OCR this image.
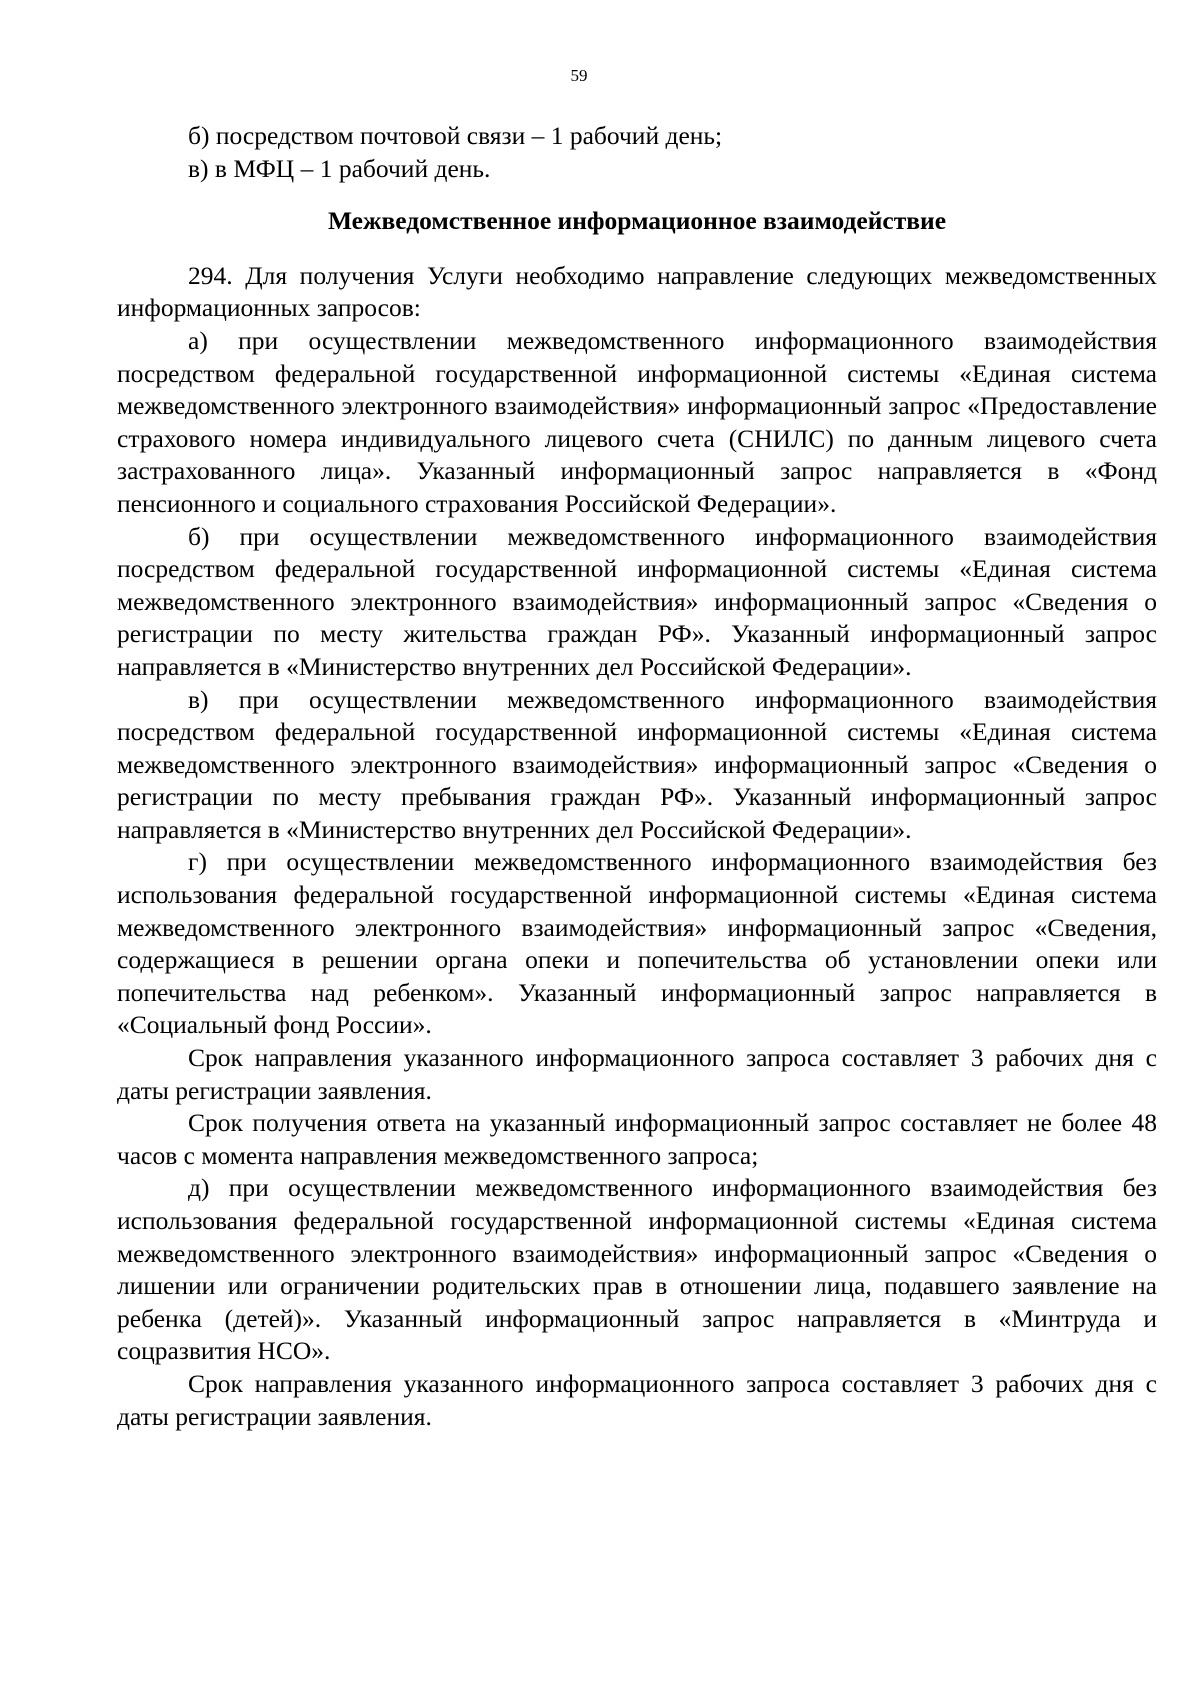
59

б) посредством почтовой связи – 1 рабочий день;

в) в МФЦ – 1 рабочий день.

Межведомственное информационное взаимодействие

294. Для получения Услуги необходимо направление следующих межведомственных информационных запросов:

а) при осуществлении межведомственного информационного взаимодействия посредством федеральной государственной информационной системы «Единая система межведомственного электронного взаимодействия» информационный запрос «Предоставление страхового номера индивидуального лицевого счета (СНИЛС) по данным лицевого счета застрахованного лица». Указанный информационный запрос направляется в «Фонд пенсионного и социального страхования Российской Федерации».

б) при осуществлении межведомственного информационного взаимодействия посредством федеральной государственной информационной системы «Единая система межведомственного электронного взаимодействия» информационный запрос «Сведения о регистрации по месту жительства граждан РФ». Указанный информационный запрос направляется в «Министерство внутренних дел Российской Федерации».

в) при осуществлении межведомственного информационного взаимодействия посредством федеральной государственной информационной системы «Единая система межведомственного электронного взаимодействия» информационный запрос «Сведения о регистрации по месту пребывания граждан РФ». Указанный информационный запрос направляется в «Министерство внутренних дел Российской Федерации».

г) при осуществлении межведомственного информационного взаимодействия без использования федеральной государственной информационной системы «Единая система межведомственного электронного взаимодействия» информационный запрос «Сведения, содержащиеся в решении органа опеки и попечительства об установлении опеки или попечительства над ребенком». Указанный информационный запрос направляется в «Социальный фонд России».

Срок направления указанного информационного запроса составляет 3 рабочих дня с даты регистрации заявления.

Срок получения ответа на указанный информационный запрос составляет не более 48 часов с момента направления межведомственного запроса;

д) при осуществлении межведомственного информационного взаимодействия без использования федеральной государственной информационной системы «Единая система межведомственного электронного взаимодействия» информационный запрос «Сведения о лишении или ограничении родительских прав в отношении лица, подавшего заявление на ребенка (детей)». Указанный информационный запрос направляется в «Минтруда и соцразвития НСО».

Срок направления указанного информационного запроса составляет 3 рабочих дня с даты регистрации заявления.
